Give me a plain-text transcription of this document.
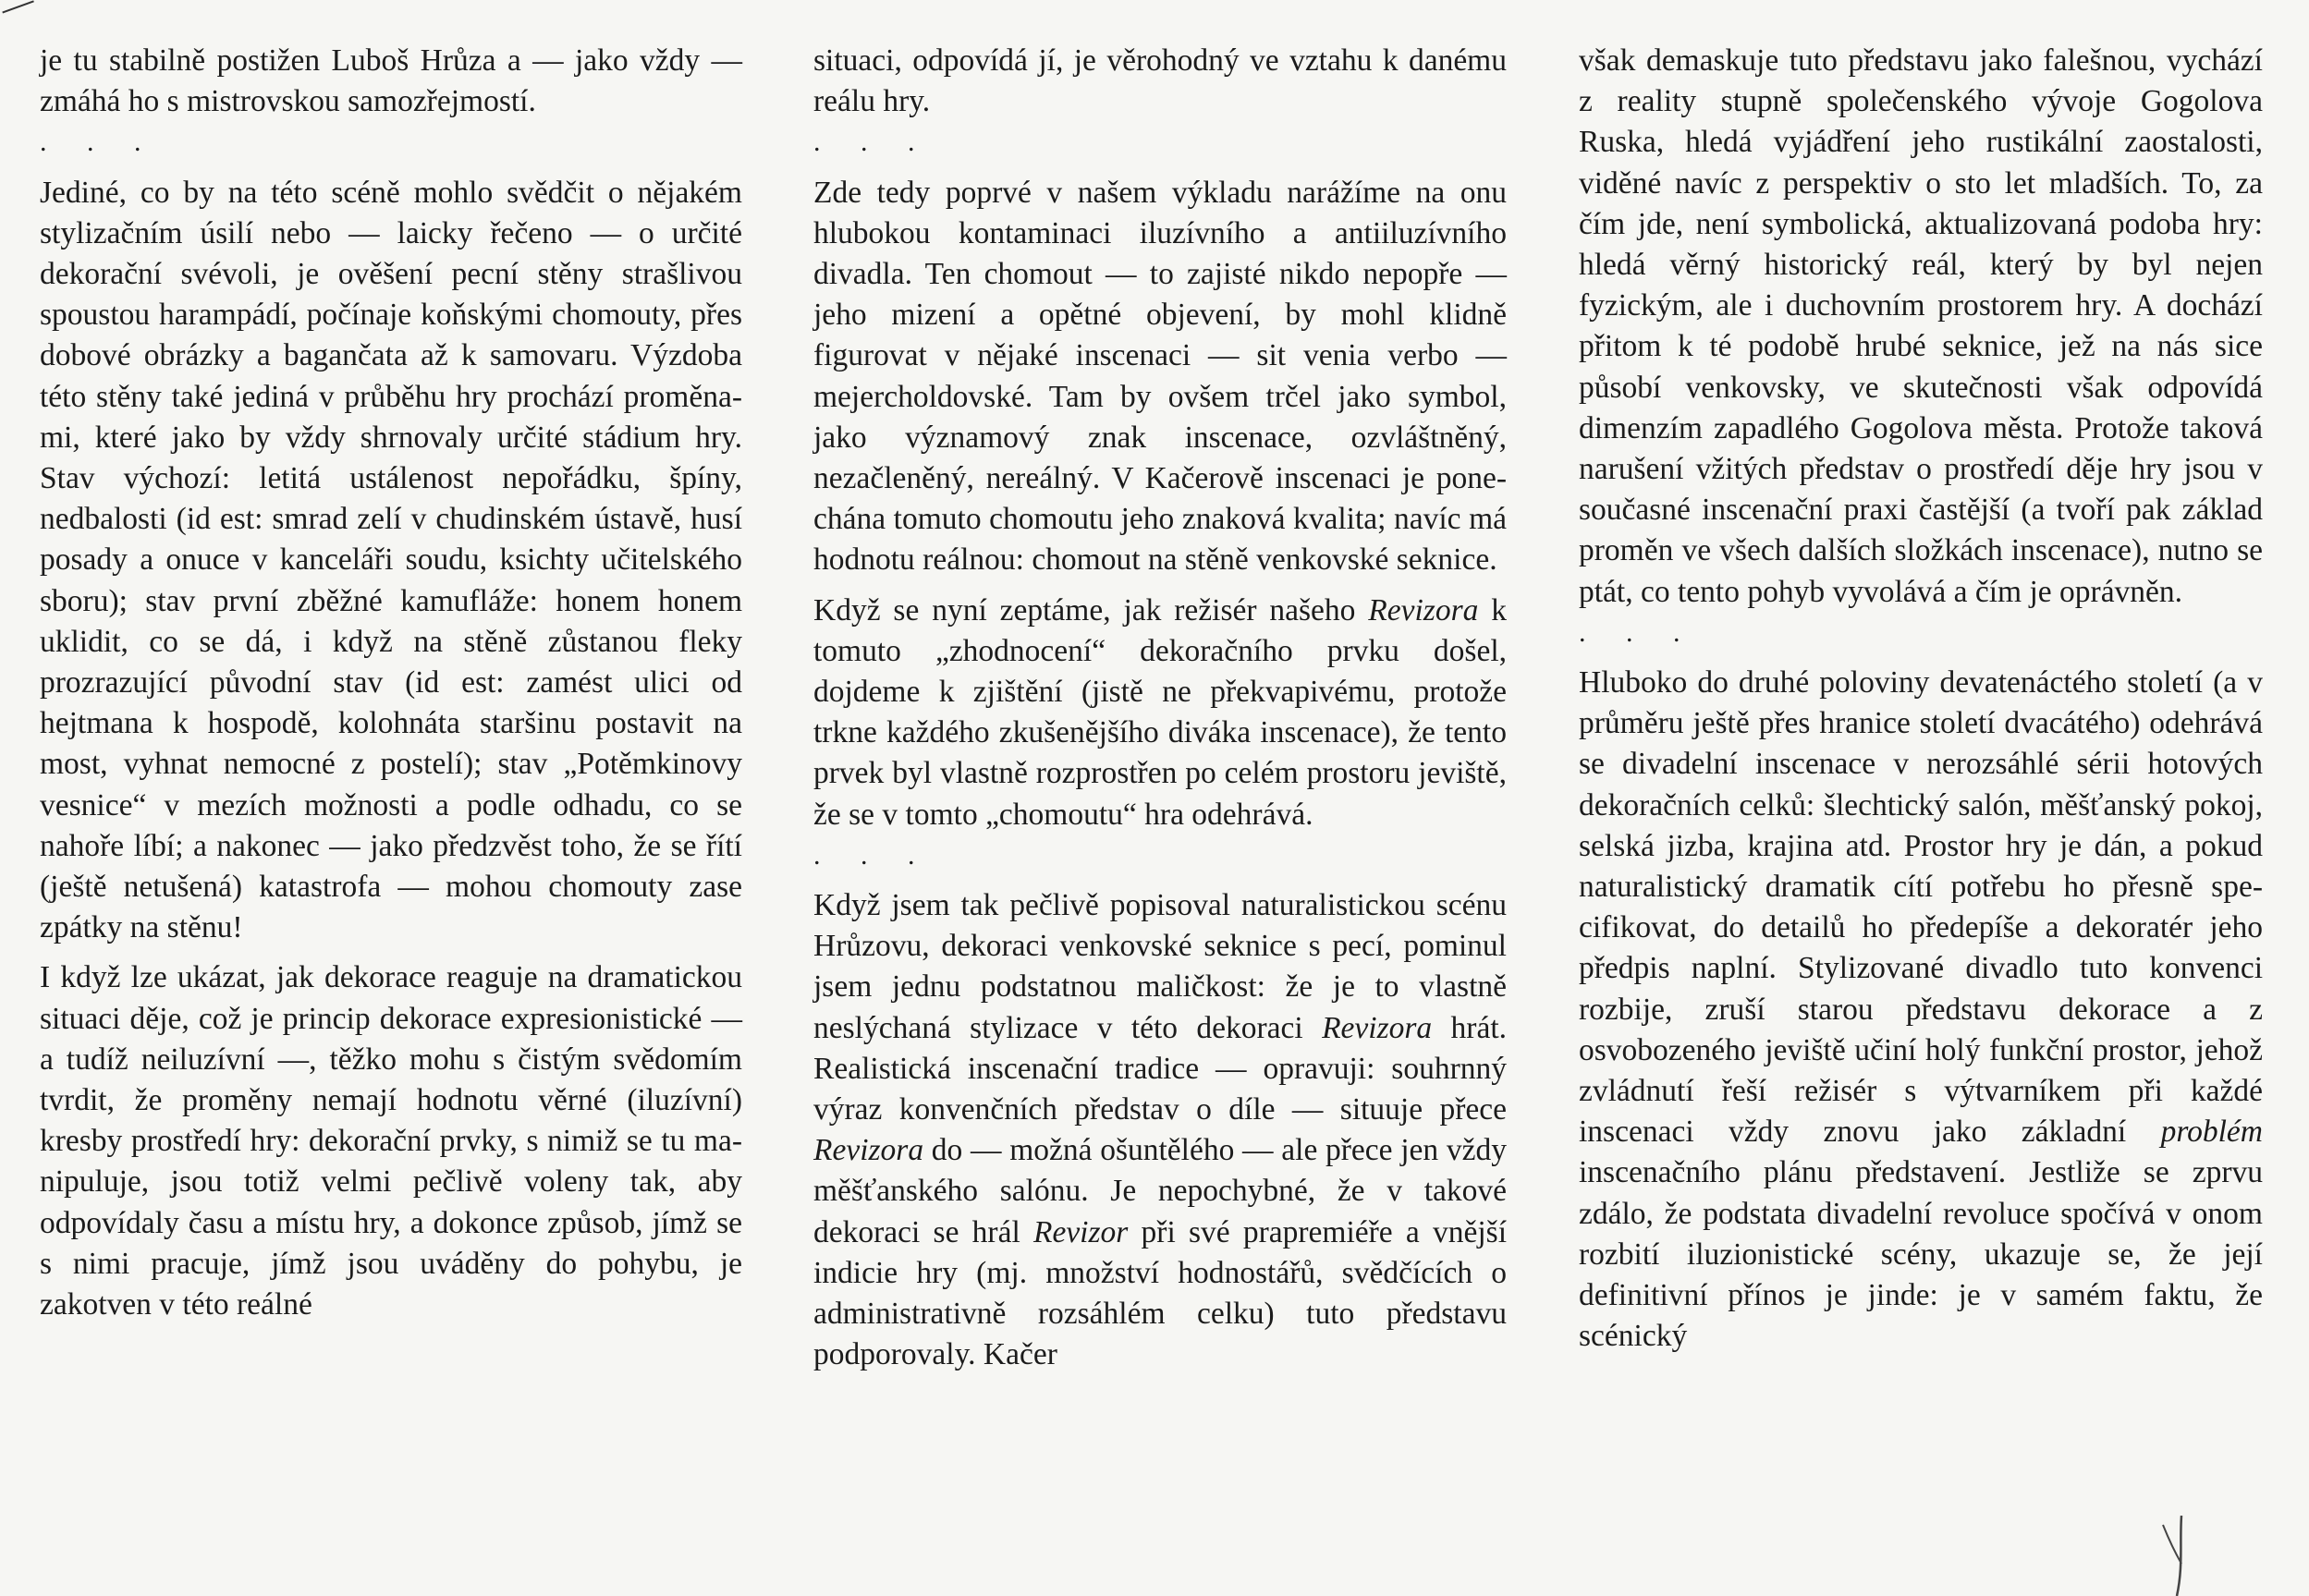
je tu stabilně postižen Luboš Hrůza a — jako vždy — zmáhá ho s mistrovskou samozřejmostí.

. . .

Jediné, co by na této scéně mohlo svědčit o nějakém stylizačním úsilí nebo — laicky řečeno — o určité dekorační svévoli, je ověšení pecní stěny strašlivou spoustou harampádí, počínaje koňskými chomouty, přes dobové obrázky a bagančata až k samovaru. Výzdoba této stěny také jediná v průběhu hry prochází proměnami, které jako by vždy shrnovaly určité stádium hry. Stav výchozí: letitá ustálenost nepořádku, špíny, nedbalosti (id est: smrad zelí v chudinském ústavě, husí posady a onuce v kanceláři soudu, ksichty učitelského sboru); stav první zběžné kamufláže: honem honem uklidit, co se dá, i když na stěně zůstanou fleky prozrazující původní stav (id est: zamést ulici od hejtmana k hospodě, kolohnáta staršinu postavit na most, vyhnat nemocné z postelí); stav „Potěmkinovy vesnice“ v mezích možnosti a podle odhadu, co se nahoře líbí; a nakonec — jako předzvěst toho, že se řítí (ještě netušená) katastrofa — mohou chomouty zase zpátky na stěnu!

I když lze ukázat, jak dekorace reaguje na dramatickou situaci děje, což je princip dekorace expresionistické — a tudíž neiluzívní —, těžko mohu s čistým svědomím tvrdit, že proměny nemají hodnotu věrné (iluzívní) kresby prostředí hry: dekorační prvky, s nimiž se tu manipuluje, jsou totiž velmi pečlivě voleny tak, aby odpovídaly času a místu hry, a dokonce způsob, jímž se s nimi pracuje, jímž jsou uváděny do pohybu, je zakotven v této reálné

situaci, odpovídá jí, je věrohodný ve vztahu k danému reálu hry.

. . .

Zde tedy poprvé v našem výkladu narážíme na onu hlubokou kontaminaci iluzívního a antiiluzívního divadla. Ten chomout — to zajisté nikdo nepopře — jeho mizení a opětné objevení, by mohl klidně figurovat v nějaké inscenaci — sit venia verbo — mejercholdovské. Tam by ovšem trčel jako symbol, jako významový znak inscenace, ozvláštněný, nezačleněný, nereálný. V Kačerově inscenaci je ponechána tomuto chomoutu jeho znaková kvalita; navíc má hodnotu reálnou: chomout na stěně venkovské seknice.

Když se nyní zeptáme, jak režisér našeho Revizora k tomuto „zhodnocení“ dekoračního prvku došel, dojdeme k zjištění (jistě ne překvapivému, protože trkne každého zkušenějšího diváka inscenace), že tento prvek byl vlastně rozprostřen po celém prostoru jeviště, že se v tomto „chomoutu“ hra odehrává.

. . .

Když jsem tak pečlivě popisoval naturalistickou scénu Hrůzovu, dekoraci venkovské seknice s pecí, pominul jsem jednu podstatnou maličkost: že je to vlastně neslýchaná stylizace v této dekoraci Revizora hrát. Realistická inscenační tradice — opravuji: souhrnný výraz konvenčních představ o díle — situuje přece Revizora do — možná ošuntělého — ale přece jen vždy měšťanského salónu. Je nepochybné, že v takové dekoraci se hrál Revizor při své prapremiéře a vnější indicie hry (mj. množství hodnostářů, svědčících o administrativně rozsáhlém celku) tuto představu podporovaly. Kačer

však demaskuje tuto představu jako falešnou, vychází z reality stupně společenského vývoje Gogolova Ruska, hledá vyjádření jeho rustikální zaostalosti, viděné navíc z perspektiv o sto let mladších. To, za čím jde, není symbolická, aktualizovaná podoba hry: hledá věrný historický reál, který by byl nejen fyzickým, ale i duchovním prostorem hry. A dochází přitom k té podobě hrubé seknice, jež na nás sice působí venkovsky, ve skutečnosti však odpovídá dimenzím zapadlého Gogolova města. Protože taková narušení vžitých představ o prostředí děje hry jsou v současné inscenační praxi častější (a tvoří pak základ proměn ve všech dalších složkách inscenace), nutno se ptát, co tento pohyb vyvolává a čím je oprávněn.

. . .

Hluboko do druhé poloviny devatenáctého století (a v průměru ještě přes hranice století dvacátého) odehrává se divadelní inscenace v nerozsáhlé sérii hotových dekoračních celků: šlechtický salón, měšťanský pokoj, selská jizba, krajina atd. Prostor hry je dán, a pokud naturalistický dramatik cítí potřebu ho přesně specifikovat, do detailů ho předepíše a dekoratér jeho předpis naplní. Stylizované divadlo tuto konvenci rozbije, zruší starou představu dekorace a z osvobozeného jeviště učiní holý funkční prostor, jehož zvládnutí řeší režisér s výtvarníkem při každé inscenaci vždy znovu jako základní problém inscenačního plánu představení. Jestliže se zprvu zdálo, že podstata divadelní revoluce spočívá v onom rozbití iluzionistické scény, ukazuje se, že její definitivní přínos je jinde: je v samém faktu, že scénický
